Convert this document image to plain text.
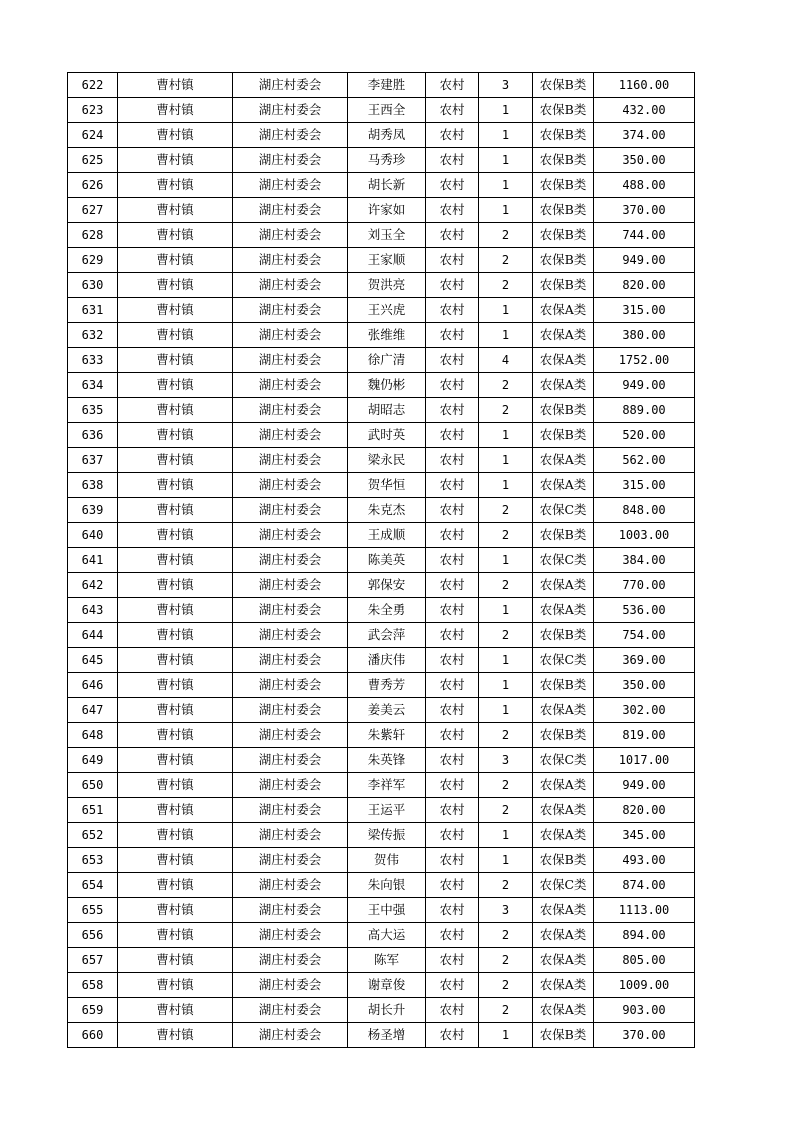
622	曹村镇	湖庄村委会	李建胜	农村	3	农保B类	1160.00
623	曹村镇	湖庄村委会	王西全	农村	1	农保B类	432.00
624	曹村镇	湖庄村委会	胡秀凤	农村	1	农保B类	374.00
625	曹村镇	湖庄村委会	马秀珍	农村	1	农保B类	350.00
626	曹村镇	湖庄村委会	胡长新	农村	1	农保B类	488.00
627	曹村镇	湖庄村委会	许家如	农村	1	农保B类	370.00
628	曹村镇	湖庄村委会	刘玉全	农村	2	农保B类	744.00
629	曹村镇	湖庄村委会	王家顺	农村	2	农保B类	949.00
630	曹村镇	湖庄村委会	贺洪亮	农村	2	农保B类	820.00
631	曹村镇	湖庄村委会	王兴虎	农村	1	农保A类	315.00
632	曹村镇	湖庄村委会	张维维	农村	1	农保A类	380.00
633	曹村镇	湖庄村委会	徐广清	农村	4	农保A类	1752.00
634	曹村镇	湖庄村委会	魏仍彬	农村	2	农保A类	949.00
635	曹村镇	湖庄村委会	胡昭志	农村	2	农保B类	889.00
636	曹村镇	湖庄村委会	武时英	农村	1	农保B类	520.00
637	曹村镇	湖庄村委会	梁永民	农村	1	农保A类	562.00
638	曹村镇	湖庄村委会	贺华恒	农村	1	农保A类	315.00
639	曹村镇	湖庄村委会	朱克杰	农村	2	农保C类	848.00
640	曹村镇	湖庄村委会	王成顺	农村	2	农保B类	1003.00
641	曹村镇	湖庄村委会	陈美英	农村	1	农保C类	384.00
642	曹村镇	湖庄村委会	郭保安	农村	2	农保A类	770.00
643	曹村镇	湖庄村委会	朱全勇	农村	1	农保A类	536.00
644	曹村镇	湖庄村委会	武会萍	农村	2	农保B类	754.00
645	曹村镇	湖庄村委会	潘庆伟	农村	1	农保C类	369.00
646	曹村镇	湖庄村委会	曹秀芳	农村	1	农保B类	350.00
647	曹村镇	湖庄村委会	姜美云	农村	1	农保A类	302.00
648	曹村镇	湖庄村委会	朱紫轩	农村	2	农保B类	819.00
649	曹村镇	湖庄村委会	朱英锋	农村	3	农保C类	1017.00
650	曹村镇	湖庄村委会	李祥军	农村	2	农保A类	949.00
651	曹村镇	湖庄村委会	王运平	农村	2	农保A类	820.00
652	曹村镇	湖庄村委会	梁传振	农村	1	农保A类	345.00
653	曹村镇	湖庄村委会	贺伟	农村	1	农保B类	493.00
654	曹村镇	湖庄村委会	朱向银	农村	2	农保C类	874.00
655	曹村镇	湖庄村委会	王中强	农村	3	农保A类	1113.00
656	曹村镇	湖庄村委会	高大运	农村	2	农保A类	894.00
657	曹村镇	湖庄村委会	陈军	农村	2	农保A类	805.00
658	曹村镇	湖庄村委会	谢章俊	农村	2	农保A类	1009.00
659	曹村镇	湖庄村委会	胡长升	农村	2	农保A类	903.00
660	曹村镇	湖庄村委会	杨圣增	农村	1	农保B类	370.00
